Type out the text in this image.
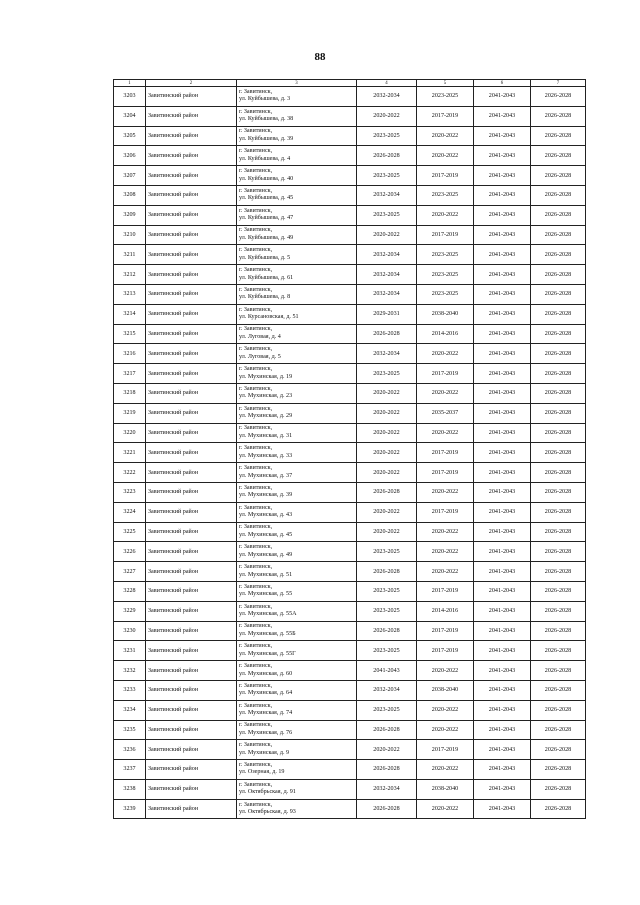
88
1	2	3	4	5	6	7
3203	Завитинский район	г. Завитинск,
ул. Куйбышева, д. 3	2032-2034	2023-2025	2041-2043	2026-2028
3204	Завитинский район	г. Завитинск,
ул. Куйбышева, д. 38	2020-2022	2017-2019	2041-2043	2026-2028
3205	Завитинский район	г. Завитинск,
ул. Куйбышева, д. 39	2023-2025	2020-2022	2041-2043	2026-2028
3206	Завитинский район	г. Завитинск,
ул. Куйбышева, д. 4	2026-2028	2020-2022	2041-2043	2026-2028
3207	Завитинский район	г. Завитинск,
ул. Куйбышева, д. 40	2023-2025	2017-2019	2041-2043	2026-2028
3208	Завитинский район	г. Завитинск,
ул. Куйбышева, д. 45	2032-2034	2023-2025	2041-2043	2026-2028
3209	Завитинский район	г. Завитинск,
ул. Куйбышева, д. 47	2023-2025	2020-2022	2041-2043	2026-2028
3210	Завитинский район	г. Завитинск,
ул. Куйбышева, д. 49	2020-2022	2017-2019	2041-2043	2026-2028
3211	Завитинский район	г. Завитинск,
ул. Куйбышева, д. 5	2032-2034	2023-2025	2041-2043	2026-2028
3212	Завитинский район	г. Завитинск,
ул. Куйбышева, д. 61	2032-2034	2023-2025	2041-2043	2026-2028
3213	Завитинский район	г. Завитинск,
ул. Куйбышева, д. 8	2032-2034	2023-2025	2041-2043	2026-2028
3214	Завитинский район	г. Завитинск,
ул. Курсановская, д. 51	2029-2031	2038-2040	2041-2043	2026-2028
3215	Завитинский район	г. Завитинск,
ул. Луговая, д. 4	2026-2028	2014-2016	2041-2043	2026-2028
3216	Завитинский район	г. Завитинск,
ул. Луговая, д. 5	2032-2034	2020-2022	2041-2043	2026-2028
3217	Завитинский район	г. Завитинск,
ул. Мухинская, д. 19	2023-2025	2017-2019	2041-2043	2026-2028
3218	Завитинский район	г. Завитинск,
ул. Мухинская, д. 23	2020-2022	2020-2022	2041-2043	2026-2028
3219	Завитинский район	г. Завитинск,
ул. Мухинская, д. 29	2020-2022	2035-2037	2041-2043	2026-2028
3220	Завитинский район	г. Завитинск,
ул. Мухинская, д. 31	2020-2022	2020-2022	2041-2043	2026-2028
3221	Завитинский район	г. Завитинск,
ул. Мухинская, д. 33	2020-2022	2017-2019	2041-2043	2026-2028
3222	Завитинский район	г. Завитинск,
ул. Мухинская, д. 37	2020-2022	2017-2019	2041-2043	2026-2028
3223	Завитинский район	г. Завитинск,
ул. Мухинская, д. 39	2026-2028	2020-2022	2041-2043	2026-2028
3224	Завитинский район	г. Завитинск,
ул. Мухинская, д. 43	2020-2022	2017-2019	2041-2043	2026-2028
3225	Завитинский район	г. Завитинск,
ул. Мухинская, д. 45	2020-2022	2020-2022	2041-2043	2026-2028
3226	Завитинский район	г. Завитинск,
ул. Мухинская, д. 49	2023-2025	2020-2022	2041-2043	2026-2028
3227	Завитинский район	г. Завитинск,
ул. Мухинская, д. 51	2026-2028	2020-2022	2041-2043	2026-2028
3228	Завитинский район	г. Завитинск,
ул. Мухинская, д. 55	2023-2025	2017-2019	2041-2043	2026-2028
3229	Завитинский район	г. Завитинск,
ул. Мухинская, д. 55А	2023-2025	2014-2016	2041-2043	2026-2028
3230	Завитинский район	г. Завитинск,
ул. Мухинская, д. 55Б	2026-2028	2017-2019	2041-2043	2026-2028
3231	Завитинский район	г. Завитинск,
ул. Мухинская, д. 55Г	2023-2025	2017-2019	2041-2043	2026-2028
3232	Завитинский район	г. Завитинск,
ул. Мухинская, д. 60	2041-2043	2020-2022	2041-2043	2026-2028
3233	Завитинский район	г. Завитинск,
ул. Мухинская, д. 64	2032-2034	2038-2040	2041-2043	2026-2028
3234	Завитинский район	г. Завитинск,
ул. Мухинская, д. 74	2023-2025	2020-2022	2041-2043	2026-2028
3235	Завитинский район	г. Завитинск,
ул. Мухинская, д. 76	2026-2028	2020-2022	2041-2043	2026-2028
3236	Завитинский район	г. Завитинск,
ул. Мухинская, д. 9	2020-2022	2017-2019	2041-2043	2026-2028
3237	Завитинский район	г. Завитинск,
ул. Озерная, д. 19	2026-2028	2020-2022	2041-2043	2026-2028
3238	Завитинский район	г. Завитинск,
ул. Октябрьская, д. 91	2032-2034	2038-2040	2041-2043	2026-2028
3239	Завитинский район	г. Завитинск,
ул. Октябрьская, д. 93	2026-2028	2020-2022	2041-2043	2026-2028
